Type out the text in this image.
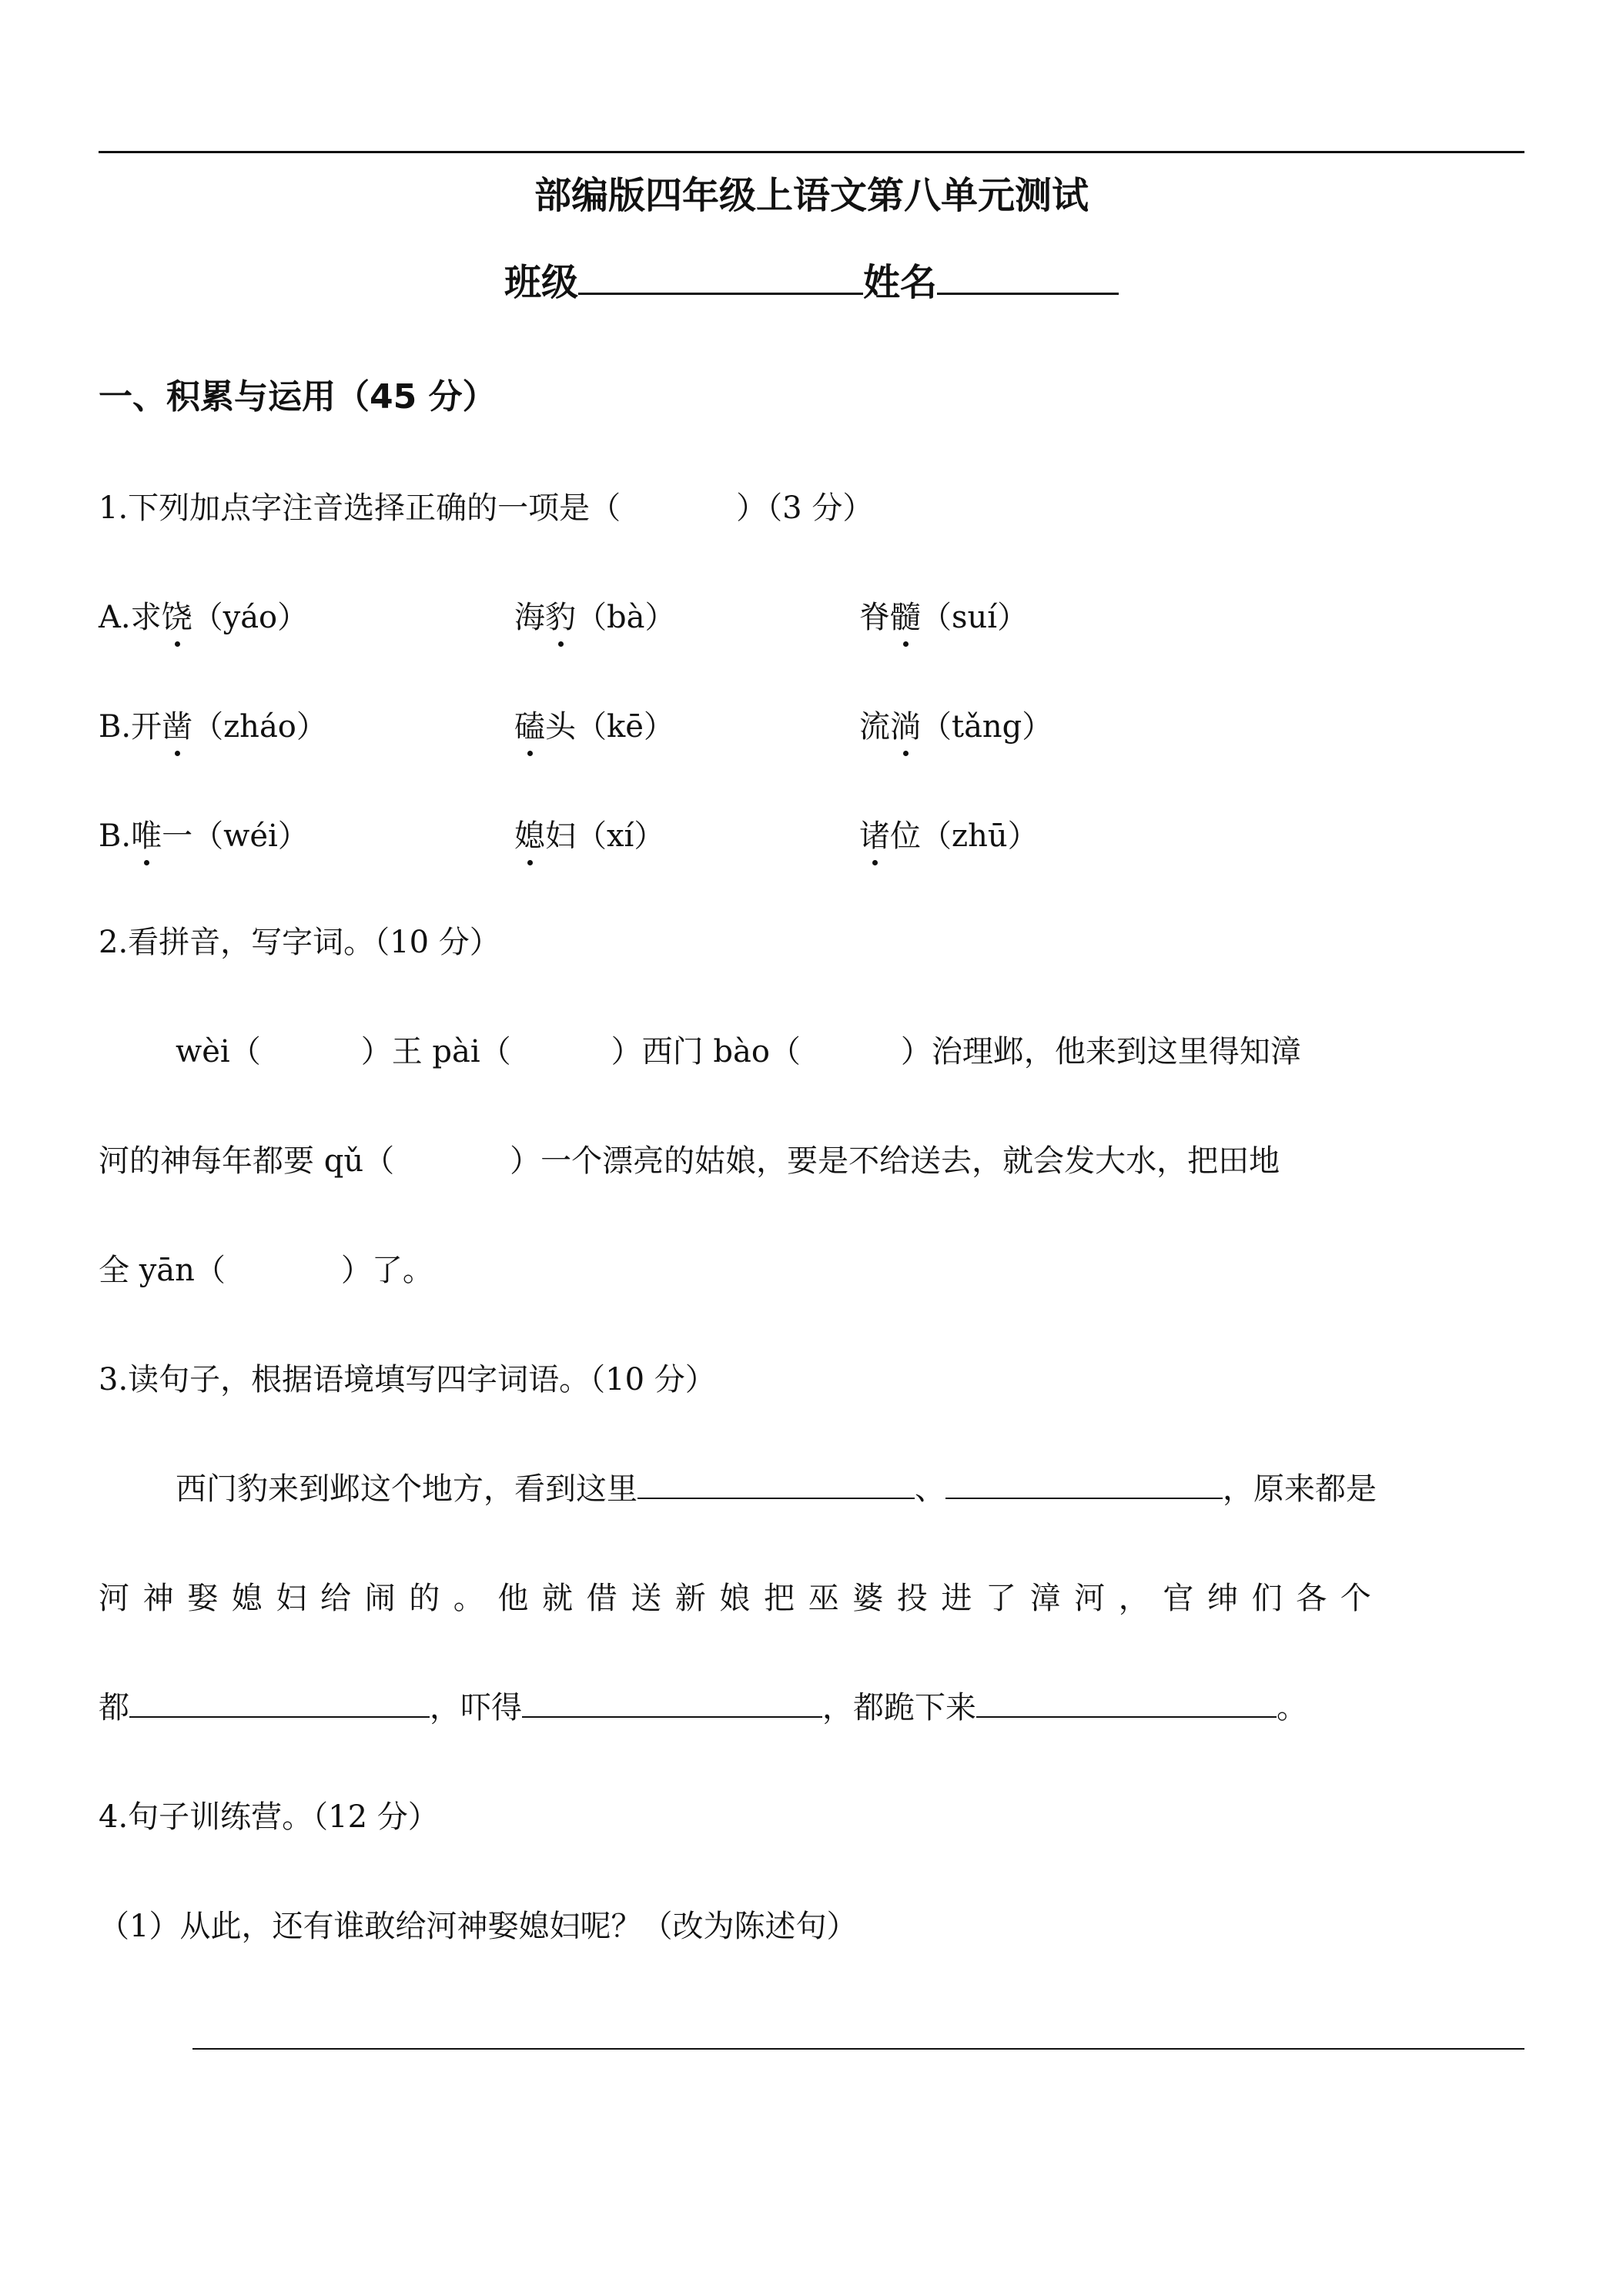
部编版四年级上语文第八单元测试
班级	姓名
一、积累与运用（45 分）
1.下列加点字注音选择正确的一项是（	）（3 分）
A.求饶（yáo）	海豹（bà）	脊髓（suí）
B.开凿（zháo）	磕头（kē）	流淌（tǎng）
B.唯一（wéi）	媳妇（xí）	诸位（zhū）
2.看拼音，写字词。（10 分）
wèi（	）王 pài（	）西门 bào（	）治理邺，他来到这里得知漳
河的神每年都要 qǔ（	）一个漂亮的姑娘，要是不给送去，就会发大水，把田地
全 yān（	）了。
3.读句子，根据语境填写四字词语。（10 分）
西门豹来到邺这个地方，看到这里	、	，原来都是
河神娶媳妇给闹的。他就借送新娘把巫婆投进了漳河，官绅们各个
都	，吓得	，都跪下来	。
4.句子训练营。（12 分）
（1）从此，还有谁敢给河神娶媳妇呢？（改为陈述句）
